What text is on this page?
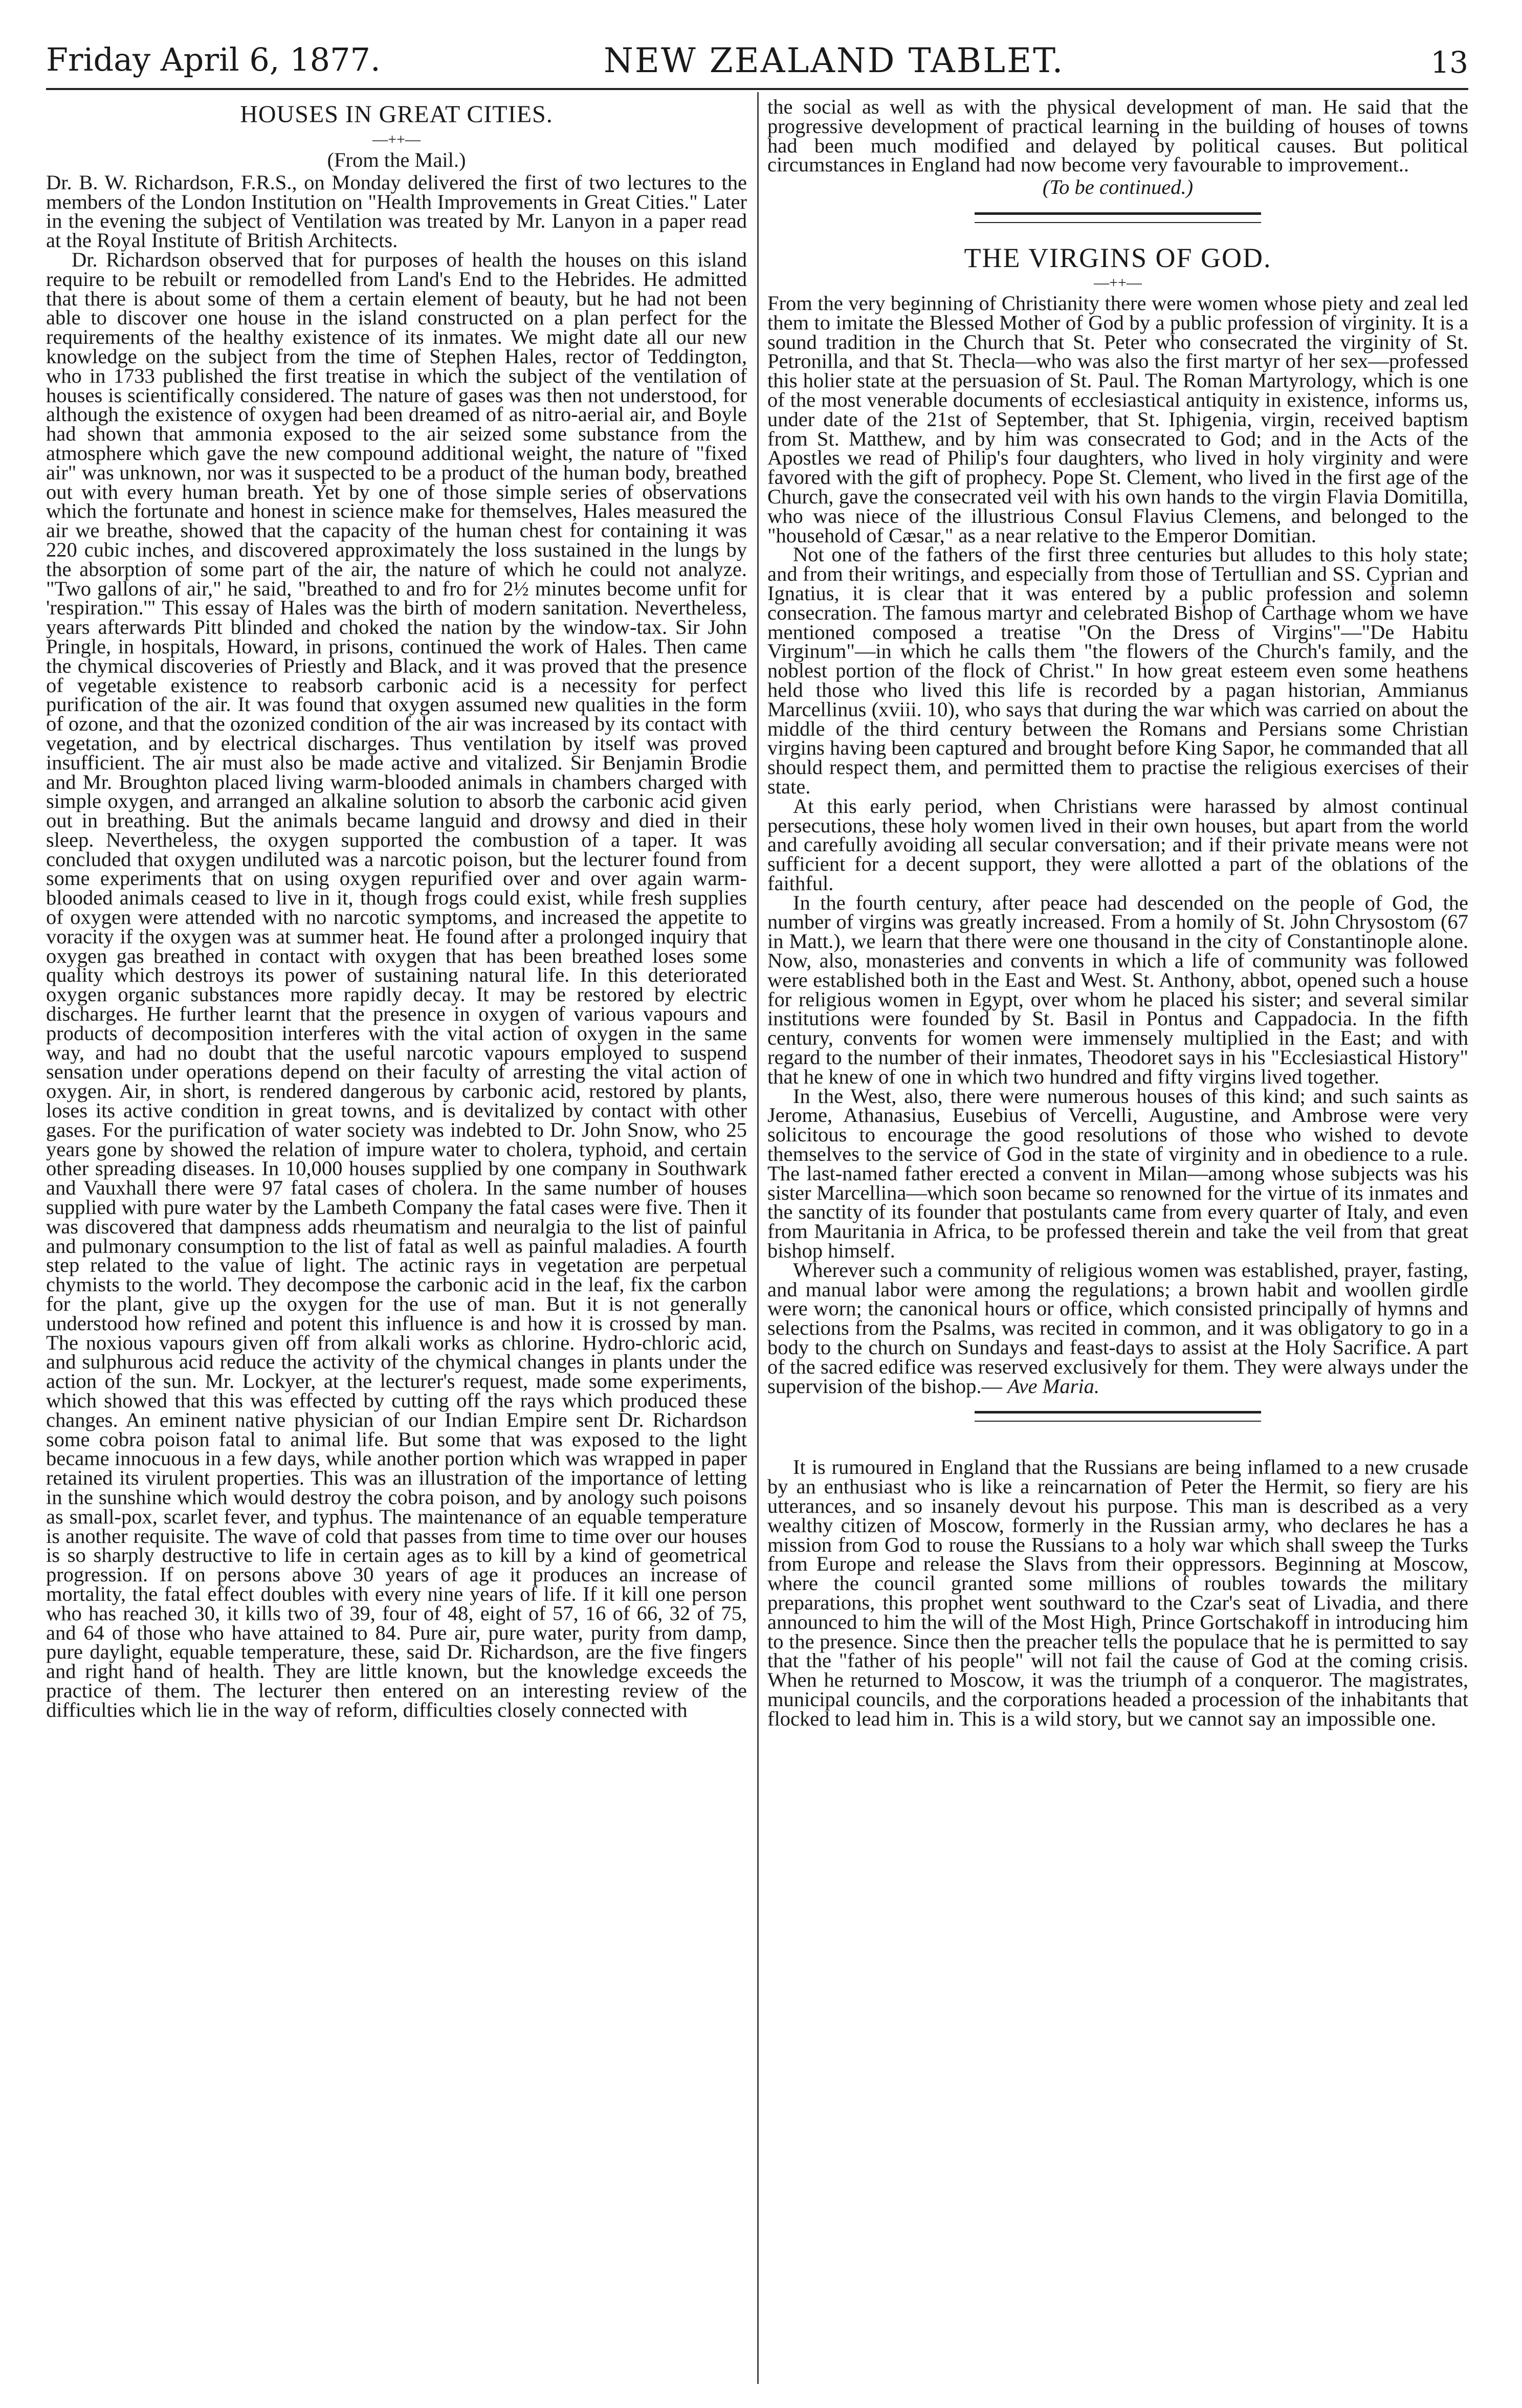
Friday April 6, 1877.	NEW ZEALAND TABLET.	13
HOUSES IN GREAT CITIES.
—++—
(From the Mail.)

Dr. B. W. Richardson, F.R.S., on Monday delivered the first of two lectures to the members of the London Institution on "Health Improvements in Great Cities." Later in the evening the subject of Ventilation was treated by Mr. Lanyon in a paper read at the Royal Institute of British Architects.

Dr. Richardson observed that for purposes of health the houses on this island require to be rebuilt or remodelled from Land's End to the Hebrides. He admitted that there is about some of them a certain element of beauty, but he had not been able to discover one house in the island constructed on a plan perfect for the requirements of the healthy existence of its inmates. We might date all our new knowledge on the subject from the time of Stephen Hales, rector of Teddington, who in 1733 published the first treatise in which the subject of the ventilation of houses is scientifically considered. The nature of gases was then not understood, for although the existence of oxygen had been dreamed of as nitro-aerial air, and Boyle had shown that ammonia exposed to the air seized some substance from the atmosphere which gave the new compound additional weight, the nature of "fixed air" was unknown, nor was it suspected to be a product of the human body, breathed out with every human breath. Yet by one of those simple series of observations which the fortunate and honest in science make for themselves, Hales measured the air we breathe, showed that the capacity of the human chest for containing it was 220 cubic inches, and discovered approximately the loss sustained in the lungs by the absorption of some part of the air, the nature of which he could not analyze. "Two gallons of air," he said, "breathed to and fro for 2½ minutes become unfit for 'respiration.'" This essay of Hales was the birth of modern sanitation. Nevertheless, years afterwards Pitt blinded and choked the nation by the window-tax. Sir John Pringle, in hospitals, Howard, in prisons, continued the work of Hales. Then came the chymical discoveries of Priestly and Black, and it was proved that the presence of vegetable existence to reabsorb carbonic acid is a necessity for perfect purification of the air. It was found that oxygen assumed new qualities in the form of ozone, and that the ozonized condition of the air was increased by its contact with vegetation, and by electrical discharges. Thus ventilation by itself was proved insufficient. The air must also be made active and vitalized. Sir Benjamin Brodie and Mr. Broughton placed living warm-blooded animals in chambers charged with simple oxygen, and arranged an alkaline solution to absorb the carbonic acid given out in breathing. But the animals became languid and drowsy and died in their sleep. Nevertheless, the oxygen supported the combustion of a taper. It was concluded that oxygen undiluted was a narcotic poison, but the lecturer found from some experiments that on using oxygen repurified over and over again warm-blooded animals ceased to live in it, though frogs could exist, while fresh supplies of oxygen were attended with no narcotic symptoms, and increased the appetite to voracity if the oxygen was at summer heat. He found after a prolonged inquiry that oxygen gas breathed in contact with oxygen that has been breathed loses some quality which destroys its power of sustaining natural life. In this deteriorated oxygen organic substances more rapidly decay. It may be restored by electric discharges. He further learnt that the presence in oxygen of various vapours and products of decomposition interferes with the vital action of oxygen in the same way, and had no doubt that the useful narcotic vapours employed to suspend sensation under operations depend on their faculty of arresting the vital action of oxygen. Air, in short, is rendered dangerous by carbonic acid, restored by plants, loses its active condition in great towns, and is devitalized by contact with other gases. For the purification of water society was indebted to Dr. John Snow, who 25 years gone by showed the relation of impure water to cholera, typhoid, and certain other spreading diseases. In 10,000 houses supplied by one company in Southwark and Vauxhall there were 97 fatal cases of cholera. In the same number of houses supplied with pure water by the Lambeth Company the fatal cases were five. Then it was discovered that dampness adds rheumatism and neuralgia to the list of painful and pulmonary consumption to the list of fatal as well as painful maladies. A fourth step related to the value of light. The actinic rays in vegetation are perpetual chymists to the world. They decompose the carbonic acid in the leaf, fix the carbon for the plant, give up the oxygen for the use of man. But it is not generally understood how refined and potent this influence is and how it is crossed by man. The noxious vapours given off from alkali works as chlorine. Hydro-chloric acid, and sulphurous acid reduce the activity of the chymical changes in plants under the action of the sun. Mr. Lockyer, at the lecturer's request, made some experiments, which showed that this was effected by cutting off the rays which produced these changes. An eminent native physician of our Indian Empire sent Dr. Richardson some cobra poison fatal to animal life. But some that was exposed to the light became innocuous in a few days, while another portion which was wrapped in paper retained its virulent properties. This was an illustration of the importance of letting in the sunshine which would destroy the cobra poison, and by anology such poisons as small-pox, scarlet fever, and typhus. The maintenance of an equable temperature is another requisite. The wave of cold that passes from time to time over our houses is so sharply destructive to life in certain ages as to kill by a kind of geometrical progression. If on persons above 30 years of age it produces an increase of mortality, the fatal effect doubles with every nine years of life. If it kill one person who has reached 30, it kills two of 39, four of 48, eight of 57, 16 of 66, 32 of 75, and 64 of those who have attained to 84. Pure air, pure water, purity from damp, pure daylight, equable temperature, these, said Dr. Richardson, are the five fingers and right hand of health. They are little known, but the knowledge exceeds the practice of them. The lecturer then entered on an interesting review of the difficulties which lie in the way of reform, difficulties closely connected with

the social as well as with the physical development of man. He said that the progressive development of practical learning in the building of houses of towns had been much modified and delayed by political causes. But political circumstances in England had now become very favourable to improvement..

(To be continued.)
THE VIRGINS OF GOD.
—++—

From the very beginning of Christianity there were women whose piety and zeal led them to imitate the Blessed Mother of God by a public profession of virginity. It is a sound tradition in the Church that St. Peter who consecrated the virginity of St. Petronilla, and that St. Thecla—who was also the first martyr of her sex—professed this holier state at the persuasion of St. Paul. The Roman Martyrology, which is one of the most venerable documents of ecclesiastical antiquity in existence, informs us, under date of the 21st of September, that St. Iphigenia, virgin, received baptism from St. Matthew, and by him was consecrated to God; and in the Acts of the Apostles we read of Philip's four daughters, who lived in holy virginity and were favored with the gift of prophecy. Pope St. Clement, who lived in the first age of the Church, gave the consecrated veil with his own hands to the virgin Flavia Domitilla, who was niece of the illustrious Consul Flavius Clemens, and belonged to the "household of Cæsar," as a near relative to the Emperor Domitian.

Not one of the fathers of the first three centuries but alludes to this holy state; and from their writings, and especially from those of Tertullian and SS. Cyprian and Ignatius, it is clear that it was entered by a public profession and solemn consecration. The famous martyr and celebrated Bishop of Carthage whom we have mentioned composed a treatise "On the Dress of Virgins"—"De Habitu Virginum"—in which he calls them "the flowers of the Church's family, and the noblest portion of the flock of Christ." In how great esteem even some heathens held those who lived this life is recorded by a pagan historian, Ammianus Marcellinus (xviii. 10), who says that during the war which was carried on about the middle of the third century between the Romans and Persians some Christian virgins having been captured and brought before King Sapor, he commanded that all should respect them, and permitted them to practise the religious exercises of their state.

At this early period, when Christians were harassed by almost continual persecutions, these holy women lived in their own houses, but apart from the world and carefully avoiding all secular conversation; and if their private means were not sufficient for a decent support, they were allotted a part of the oblations of the faithful.

In the fourth century, after peace had descended on the people of God, the number of virgins was greatly increased. From a homily of St. John Chrysostom (67 in Matt.), we learn that there were one thousand in the city of Constantinople alone. Now, also, monasteries and convents in which a life of community was followed were established both in the East and West. St. Anthony, abbot, opened such a house for religious women in Egypt, over whom he placed his sister; and several similar institutions were founded by St. Basil in Pontus and Cappadocia. In the fifth century, convents for women were immensely multiplied in the East; and with regard to the number of their inmates, Theodoret says in his "Ecclesiastical History" that he knew of one in which two hundred and fifty virgins lived together.

In the West, also, there were numerous houses of this kind; and such saints as Jerome, Athanasius, Eusebius of Vercelli, Augustine, and Ambrose were very solicitous to encourage the good resolutions of those who wished to devote themselves to the service of God in the state of virginity and in obedience to a rule. The last-named father erected a convent in Milan—among whose subjects was his sister Marcellina—which soon became so renowned for the virtue of its inmates and the sanctity of its founder that postulants came from every quarter of Italy, and even from Mauritania in Africa, to be professed therein and take the veil from that great bishop himself.

Wherever such a community of religious women was established, prayer, fasting, and manual labor were among the regulations; a brown habit and woollen girdle were worn; the canonical hours or office, which consisted principally of hymns and selections from the Psalms, was recited in common, and it was obligatory to go in a body to the church on Sundays and feast-days to assist at the Holy Sacrifice. A part of the sacred edifice was reserved exclusively for them. They were always under the supervision of the bishop.— Ave Maria.

It is rumoured in England that the Russians are being inflamed to a new crusade by an enthusiast who is like a reincarnation of Peter the Hermit, so fiery are his utterances, and so insanely devout his purpose. This man is described as a very wealthy citizen of Moscow, formerly in the Russian army, who declares he has a mission from God to rouse the Russians to a holy war which shall sweep the Turks from Europe and release the Slavs from their oppressors. Beginning at Moscow, where the council granted some millions of roubles towards the military preparations, this prophet went southward to the Czar's seat of Livadia, and there announced to him the will of the Most High, Prince Gortschakoff in introducing him to the presence. Since then the preacher tells the populace that he is permitted to say that the "father of his people" will not fail the cause of God at the coming crisis. When he returned to Moscow, it was the triumph of a conqueror. The magistrates, municipal councils, and the corporations headed a procession of the inhabitants that flocked to lead him in. This is a wild story, but we cannot say an impossible one.
